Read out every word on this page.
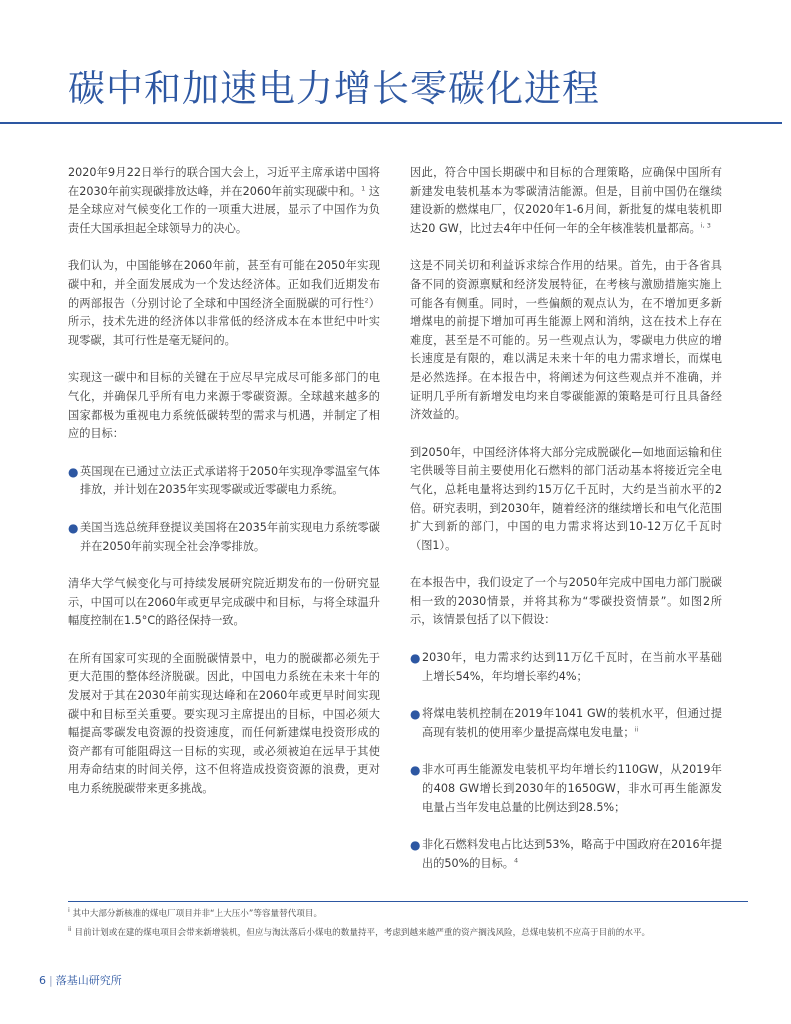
碳中和加速电力增长零碳化进程

2020年9月22日举行的联合国大会上，习近平主席承诺中国将在2030年前实现碳排放达峰，并在2060年前实现碳中和。$^1$ 这是全球应对气候变化工作的一项重大进展，显示了中国作为负责任大国承担起全球领导力的决心。

我们认为，中国能够在2060年前，甚至有可能在2050年实现碳中和，并全面发展成为一个发达经济体。正如我们近期发布的两部报告（分别讨论了全球和中国经济全面脱碳的可行性$^2$）所示，技术先进的经济体以非常低的经济成本在本世纪中叶实现零碳，其可行性是毫无疑问的。

实现这一碳中和目标的关键在于应尽早完成尽可能多部门的电气化，并确保几乎所有电力来源于零碳资源。全球越来越多的国家都极为重视电力系统低碳转型的需求与机遇，并制定了相应的目标：

● 英国现在已通过立法正式承诺将于2050年实现净零温室气体排放，并计划在2035年实现零碳或近零碳电力系统。
● 美国当选总统拜登提议美国将在2035年前实现电力系统零碳并在2050年前实现全社会净零排放。

清华大学气候变化与可持续发展研究院近期发布的一份研究显示，中国可以在2060年或更早完成碳中和目标，与将全球温升幅度控制在1.5°C的路径保持一致。

在所有国家可实现的全面脱碳情景中，电力的脱碳都必须先于更大范围的整体经济脱碳。因此，中国电力系统在未来十年的发展对于其在2030年前实现达峰和在2060年或更早时间实现碳中和目标至关重要。要实现习主席提出的目标，中国必须大幅提高零碳发电资源的投资速度，而任何新建煤电投资形成的资产都有可能阻碍这一目标的实现，或必须被迫在远早于其使用寿命结束的时间关停，这不但将造成投资资源的浪费，更对电力系统脱碳带来更多挑战。

因此，符合中国长期碳中和目标的合理策略，应确保中国所有新建发电装机基本为零碳清洁能源。但是，目前中国仍在继续建设新的燃煤电厂，仅2020年1-6月间，新批复的煤电装机即达20 GW，比过去4年中任何一年的全年核准装机量都高。$^{i, 3}$

这是不同关切和利益诉求综合作用的结果。首先，由于各省具备不同的资源禀赋和经济发展特征，在考核与激励措施实施上可能各有侧重。同时，一些偏颇的观点认为，在不增加更多新增煤电的前提下增加可再生能源上网和消纳，这在技术上存在难度，甚至是不可能的。另一些观点认为，零碳电力供应的增长速度是有限的，难以满足未来十年的电力需求增长，而煤电是必然选择。在本报告中，将阐述为何这些观点并不准确，并证明几乎所有新增发电均来自零碳能源的策略是可行且具备经济效益的。

到2050年，中国经济体将大部分完成脱碳化—如地面运输和住宅供暖等目前主要使用化石燃料的部门活动基本将接近完全电气化，总耗电量将达到约15万亿千瓦时，大约是当前水平的2倍。研究表明，到2030年，随着经济的继续增长和电气化范围扩大到新的部门，中国的电力需求将达到10-12万亿千瓦时（图1）。

在本报告中，我们设定了一个与2050年完成中国电力部门脱碳相一致的2030情景，并将其称为“零碳投资情景”。如图2所示，该情景包括了以下假设：

● 2030年，电力需求约达到11万亿千瓦时，在当前水平基础上增长54%，年均增长率约4%；
● 将煤电装机控制在2019年1041 GW的装机水平，但通过提高现有装机的使用率少量提高煤电发电量；$^{ii}$
● 非水可再生能源发电装机平均年增长约110GW，从2019年的408 GW增长到2030年的1650GW，非水可再生能源发电量占当年发电总量的比例达到28.5%；
● 非化石燃料发电占比达到53%，略高于中国政府在2016年提出的50%的目标。$^4$

$^i$ 其中大部分新核准的煤电厂项目并非“上大压小”等容量替代项目。

$^{ii}$ 目前计划或在建的煤电项目会带来新增装机，但应与淘汰落后小煤电的数量持平，考虑到越来越严重的资产搁浅风险，总煤电装机不应高于目前的水平。

6 | 落基山研究所
